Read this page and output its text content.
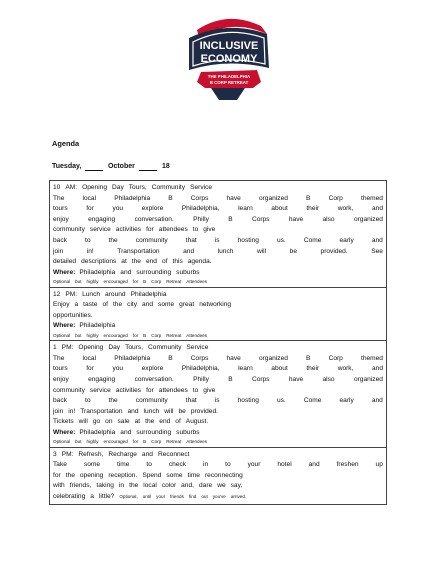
Towards an
INCLUSIVE
ECONOMY
THE PHILADELPHIA
B CORP RETREAT
Agenda
Tuesday,	October	18
10 AM: Opening Day Tours, Community Service
The	local	Philadelphia	B	Corps	have	organized	B	Corp	themed
tours	for	you	explore	Philadelphia,	learn	about	their	work,	and
enjoy	engaging	conversation.	Philly	B	Corps	have	also	organized
community service activities for attendees to give
back	to	the	community	that	is	hosting	us.	Come	early	and
join	in!	Transportation	and	lunch	will	be	provided.	See
detailed descriptions at the end of this agenda.
Where: Philadelphia and surrounding suburbs
Optional but highly encouraged for B Corp Retreat Attendees
12 PM: Lunch around Philadelphia
Enjoy a taste of the city and some great networking
opportunities.
Where: Philadelphia
Optional but highly encouraged for B Corp Retreat Attendees
1 PM: Opening Day Tours, Community Service
The	local	Philadelphia	B	Corps	have	organized	B	Corp	themed
tours	for	you	explore	Philadelphia,	learn	about	their	work,	and
enjoy	engaging	conversation.	Philly	B	Corps	have	also	organized
community service activities for attendees to give
back	to	the	community	that	is	hosting	us.	Come	early	and
join in! Transportation and lunch will be provided.
Tickets will go on sale at the end of August.
Where: Philadelphia and surrounding suburbs
Optional but highly encouraged for B Corp Retreat Attendees
3 PM: Refresh, Recharge and Reconnect
Take	some	time	to	check	in	to	your	hotel	and	freshen	up
for the opening reception. Spend some time reconnecting
with friends, taking in the local color and, dare we say,
celebrating a little? Optional, until your friends find out you've arrived.
